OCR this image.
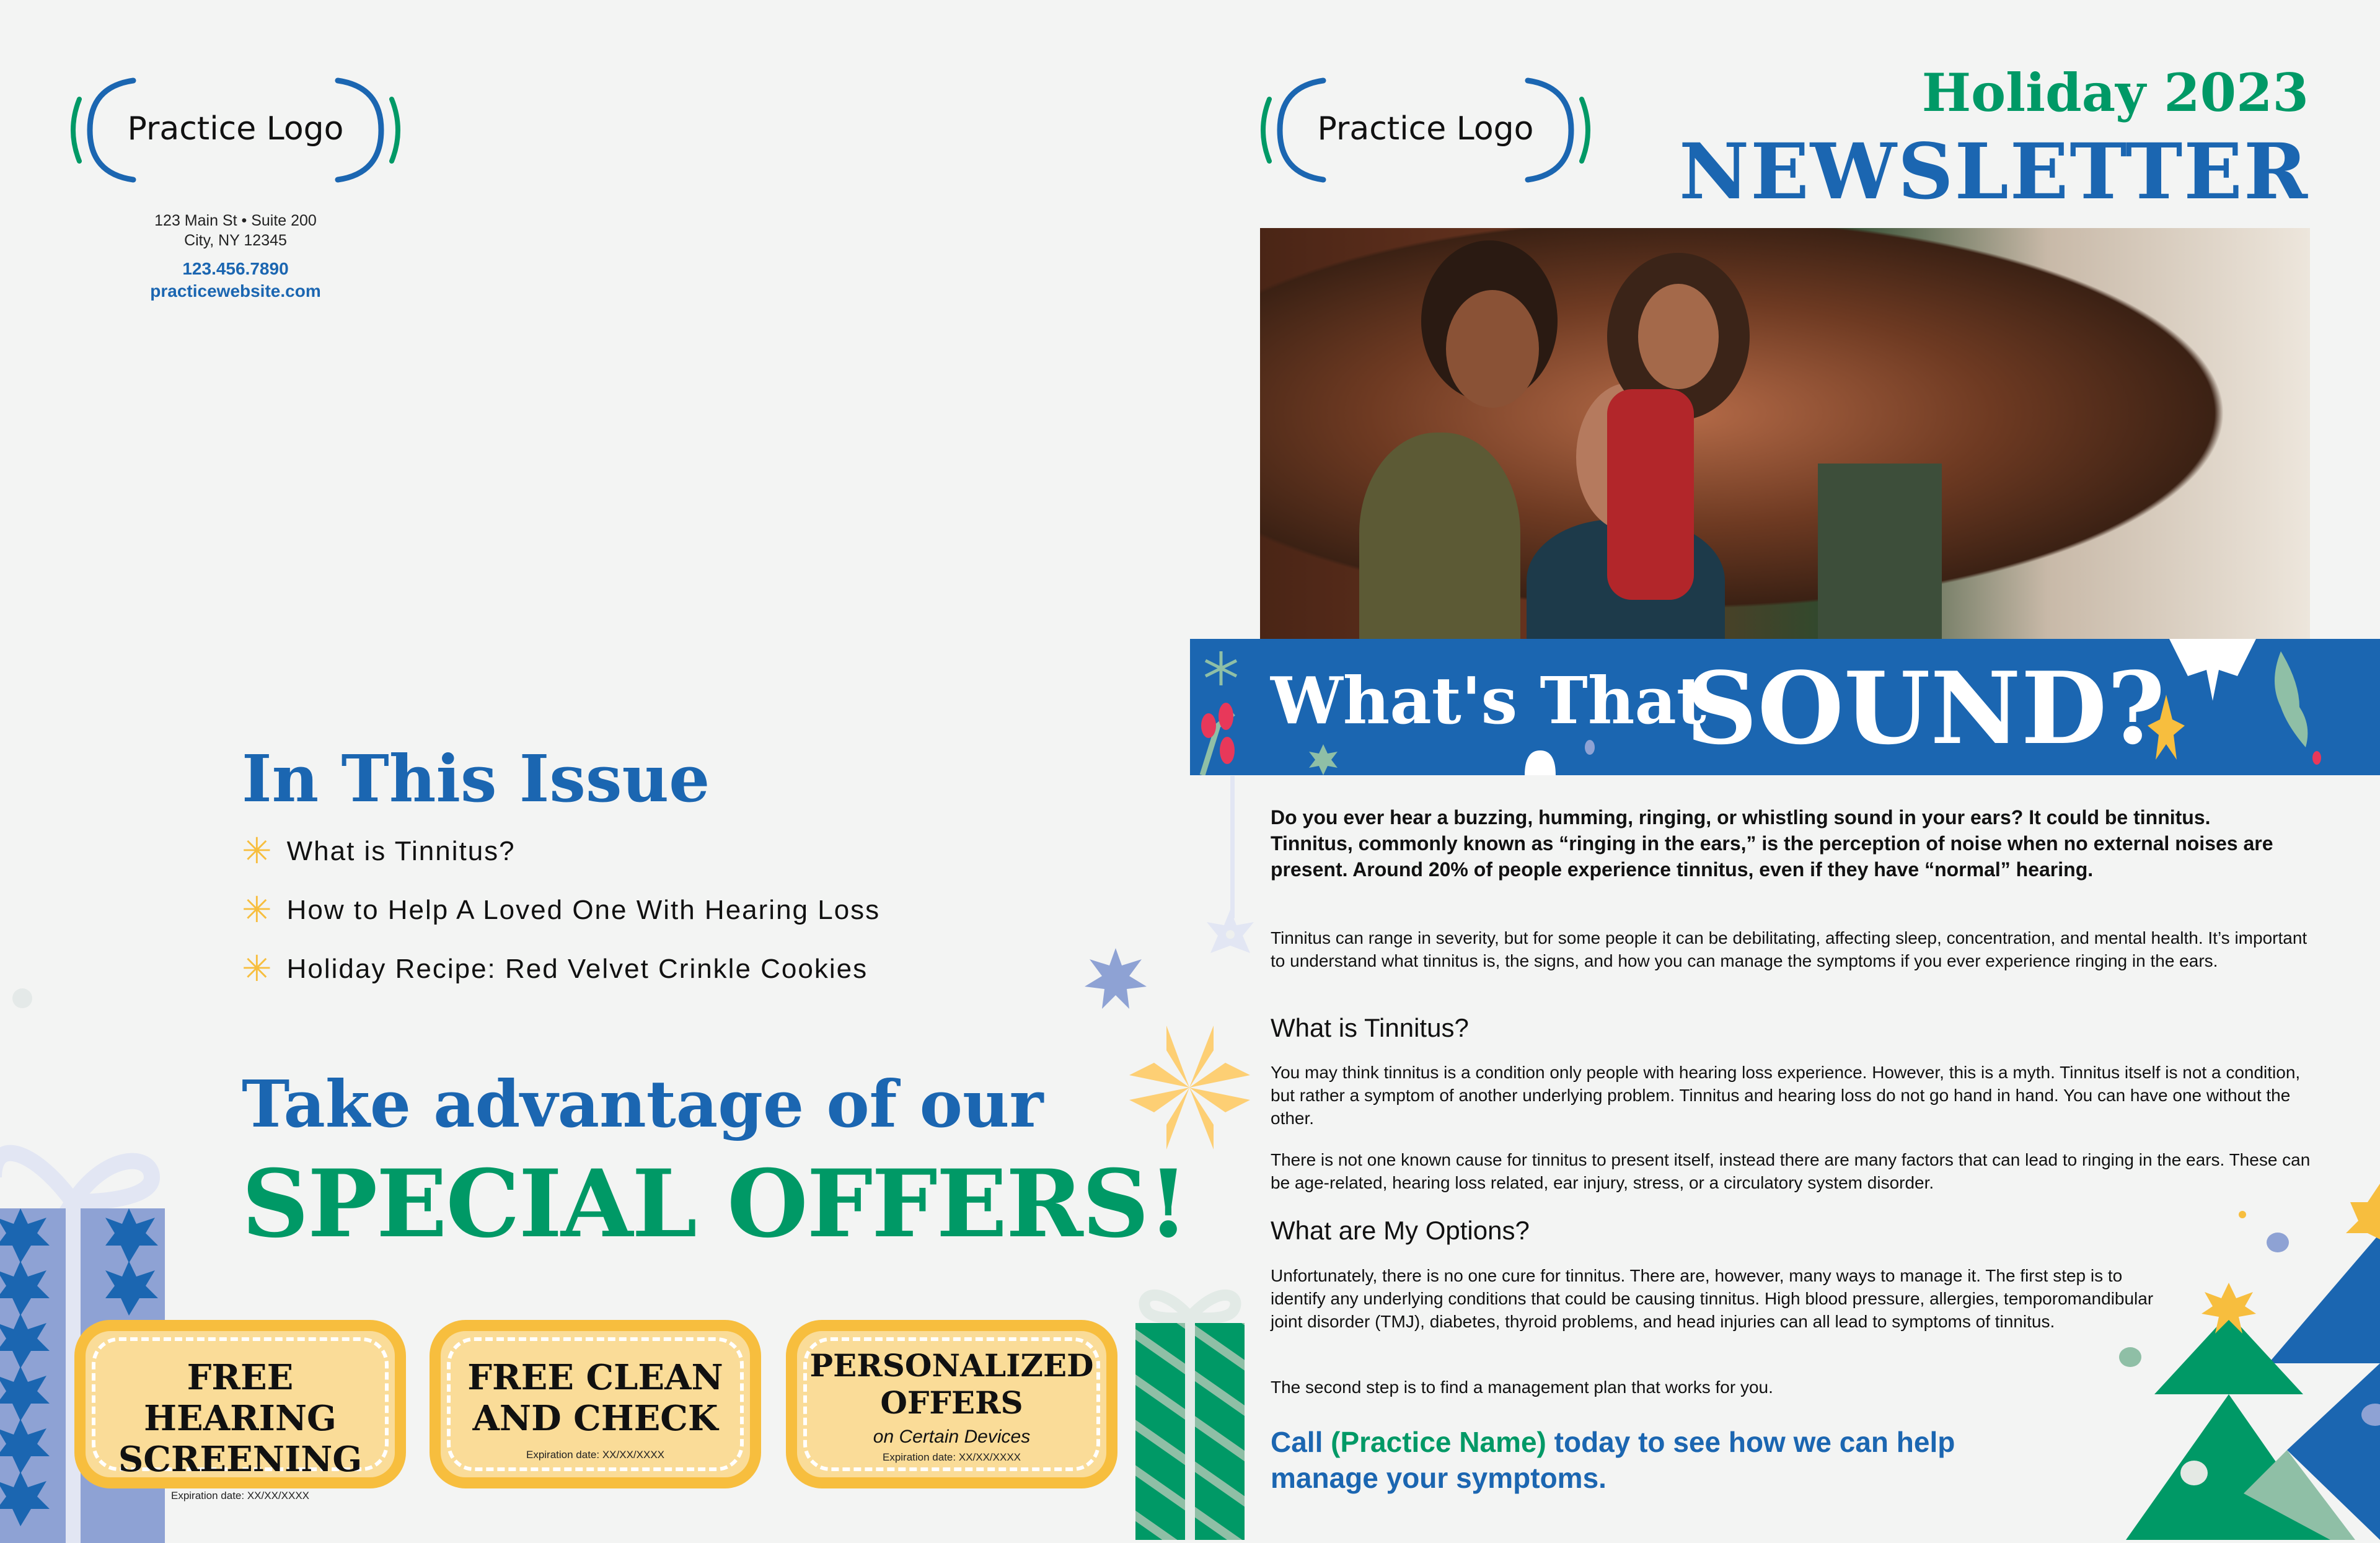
Practice Logo
123 Main St • Suite 200
City, NY 12345
123.456.7890
practicewebsite.com
In This Issue
✳ What is Tinnitus?
✳ How to Help A Loved One With Hearing Loss
✳ Holiday Recipe: Red Velvet Crinkle Cookies
Take advantage of our
SPECIAL OFFERS!
FREE HEARING
SCREENING
Expiration date: XX/XX/XXXX
FREE CLEAN
AND CHECK
Expiration date: XX/XX/XXXX
PERSONALIZED
OFFERS
on Certain Devices
Expiration date: XX/XX/XXXX
Practice Logo
Holiday 2023
NEWSLETTER
What's That
SOUND?
Do you ever hear a buzzing, humming, ringing, or whistling sound in your ears? It could be tinnitus. Tinnitus, commonly known as “ringing in the ears,” is the perception of noise when no external noises are present. Around 20% of people experience tinnitus, even if they have “normal” hearing.
Tinnitus can range in severity, but for some people it can be debilitating, affecting sleep, concentration, and mental health. It’s important to understand what tinnitus is, the signs, and how you can manage the symptoms if you ever experience ringing in the ears.
What is Tinnitus?
You may think tinnitus is a condition only people with hearing loss experience. However, this is a myth. Tinnitus itself is not a condition, but rather a symptom of another underlying problem. Tinnitus and hearing loss do not go hand in hand. You can have one without the other.
There is not one known cause for tinnitus to present itself, instead there are many factors that can lead to ringing in the ears. These can be age-related, hearing loss related, ear injury, stress, or a circulatory system disorder.
What are My Options?
Unfortunately, there is no one cure for tinnitus. There are, however, many ways to manage it. The first step is to identify any underlying conditions that could be causing tinnitus. High blood pressure, allergies, temporomandibular joint disorder (TMJ), diabetes, thyroid problems, and head injuries can all lead to symptoms of tinnitus.
The second step is to find a management plan that works for you.
Call (Practice Name) today to see how we can help manage your symptoms.
